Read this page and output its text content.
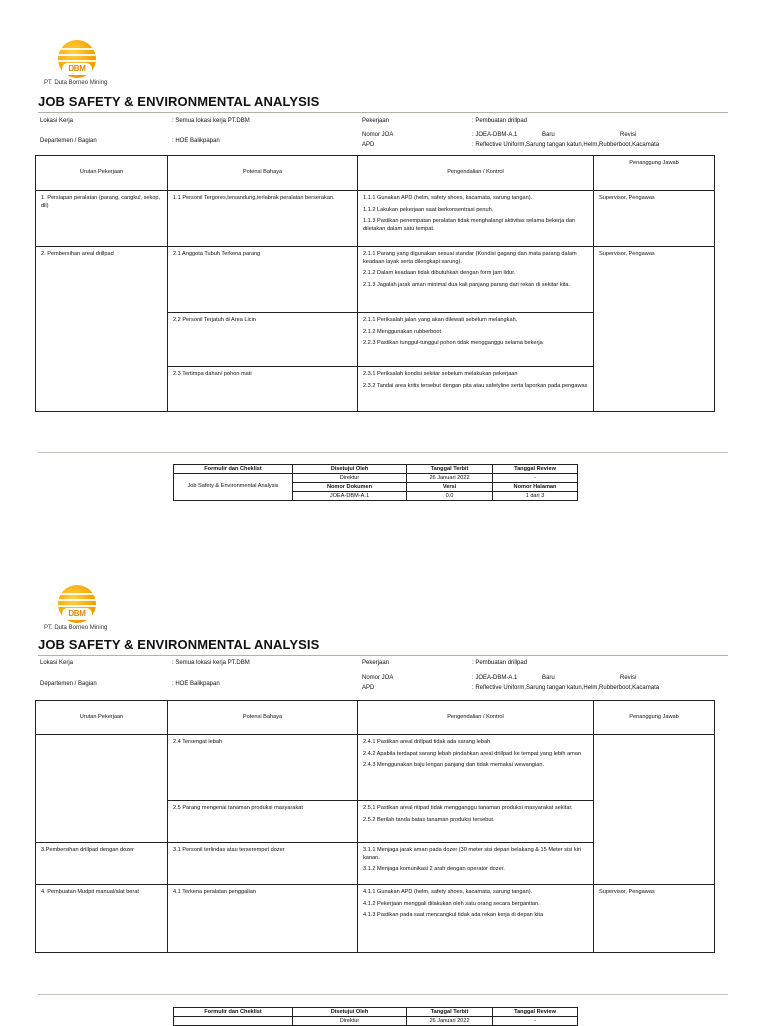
DBM
PT. Duta Borneo Mining
JOB SAFETY & ENVIRONMENTAL ANALYSIS
Lokasi Kerja	: Semua lokasi kerja PT.DBM	Pekerjaan	: Pembuatan drillpad
Nomor JOA	: JOEA-DBM-A.1	Baru	Revisi
Departemen / Bagian	: HOE Balikpapan
APD	: Reflective Uniform,Sarung tangan katun,Helm,Rubberboot,Kacamata
Urutan Pekerjaan	Potensi Bahaya	Pengendalian / Kontrol	Penanggung Jawab
1. Persiapan peralatan (parang, cangkul, sekop, dll)	1.1 Personil Tergores,tersandung,terlabrak peralatan berserakan.	1.1.1 Gunakan APD (helm, safety shoes, kacamata, sarung tangan).
1.1.2 Lakukan pekerjaan saat berkonsentrasi penuh.
1.1.3 Pastikan penempatan peralatan tidak menghalangi aktivitas selama bekerja dan diletakan dalam satu tempat.	Supervisor, Pengawas
2. Pembersihan areal drillpad	2.1 Anggota Tubuh Terkena parang	2.1.1 Parang yang digunakan sesuai standar (Kondisi gagang dan mata parang dalam keadaan layak serta dilengkapi sarung).
2.1.2 Dalam keadaan tidak dibutuhkan dengan form jam lidur.
2.1.3 Jagalah jarak aman minimal dua kali panjang parang dari rekan di sekitar kita.	Supervisor, Pengawas
	2.2 Personil Terjatuh di Area Licin	2.1.1 Periksalah jalan yang akan dilewati sebelum melangkah.
2.1.2 Menggunakan rubberboot
2.2.3 Pastikan tunggul-tunggul pohon tidak mengganggu selama bekerja	

	2.3 Tertimpa dahan/ pohon mati	2.3.1 Periksalah kondisi sekitar sebelum melakukan pekerjaan
2.3.2 Tandai area kritis tersebut dengan pita atau safetyline serta laporkan pada pengawas	
Formulir dan Cheklist	Disetujui Oleh	Tanggal Terbit	Tanggal Review
Job Safety & Environmental Analysis	Direktur	26 Januari 2022	-
	Nomor Dokumen	Versi	Nomor Halaman
	JOEA-DBM-A.1	0.0	1 dari 3
DBM
PT. Duta Borneo Mining
JOB SAFETY & ENVIRONMENTAL ANALYSIS
Lokasi Kerja	: Semua lokasi kerja PT.DBM	Pekerjaan	: Pembuatan drillpad
Nomor JOA	: JOEA-DBM-A.1	Baru	Revisi
Departemen / Bagian	: HOE Balikpapan
APD	: Reflective Uniform,Sarung tangan katun,Helm,Rubberboot,Kacamata
Urutan Pekerjaan	Potensi Bahaya	Pengendalian / Kontrol	Penanggung Jawab
	2.4 Tersengat lebah	2.4.1 Pastikan areal drillpad tidak ada sarang lebah
2.4.2 Apabila terdapat sarang lebah pindahkan areal drillpad ke tempat yang lebih aman
2.4.3 Menggunakan baju lengan panjang dan tidak memakai wewangian.	

	2.5 Parang mengenai tanaman produksi masyarakat	2.5.1 Pastikan areal ritipad tidak mengganggu tanaman produksi masyarakat sekitar.
2.5.2 Berilah tanda batas tanaman produksi tersebut.	

3.Pembersihan drillpad dengan dozer	3.1 Personil terlindas atau terserempet dozer	3.1.1 Menjaga jarak aman pada dozer (30 meter sisi depan belakang & 15 Meter sisi kiri kanan.
3.1.2 Menjaga komunikasi 2 arah dengan operator dozer.	

4. Pembuatan Mudpit manual/alat berat	4.1 Terkena peralatan penggalian	4.1.1 Gunakan APD (helm, safety shoes, kacamata, sarung tangan).
4.1.2 Pekerjaan menggali dilakukan oleh satu orang secara bergantian.
4.1.3 Pastikan pada saat mencangkul tidak ada rekan kerja di depan kita	Supervisor, Pengawas
Formulir dan Cheklist	Disetujui Oleh	Tanggal Terbit	Tanggal Review
	Direktur	26 Januari 2022	-
